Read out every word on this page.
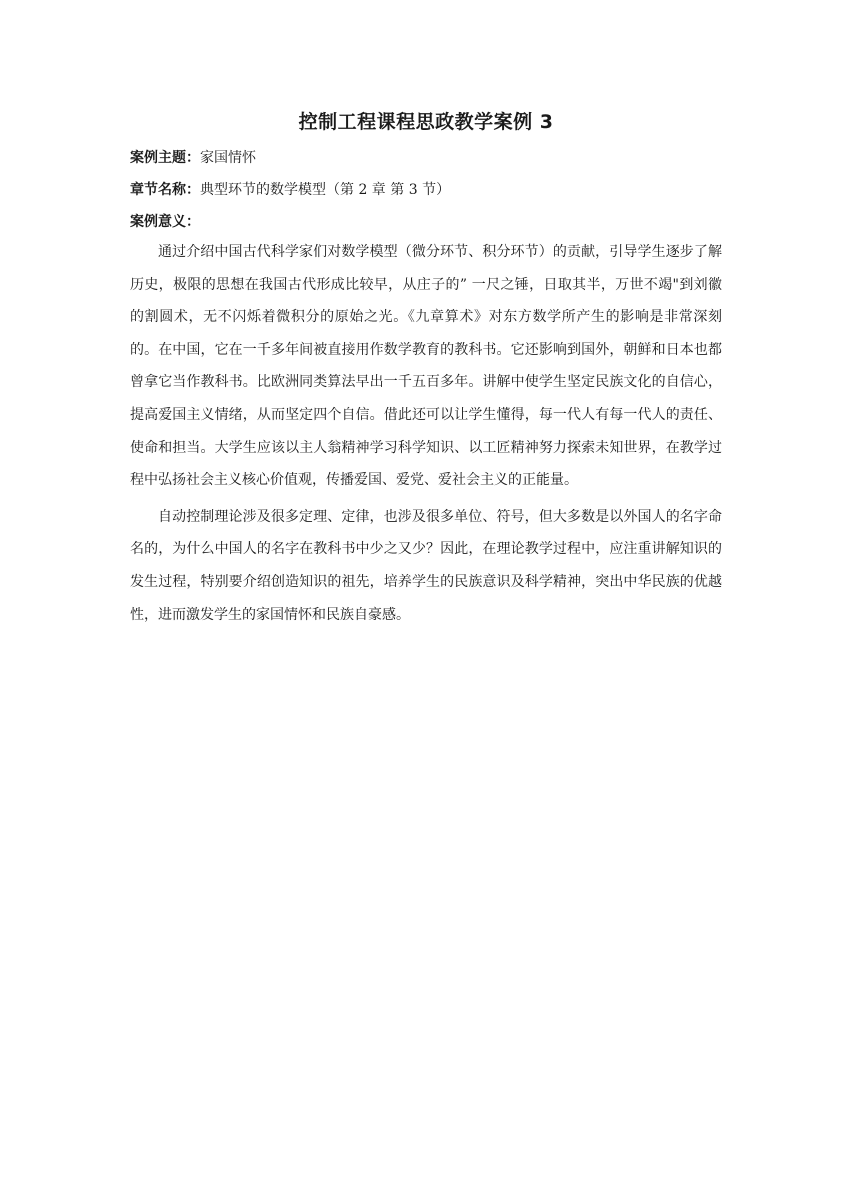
控制工程课程思政教学案例 3

案例主题：家国情怀

章节名称：典型环节的数学模型（第 2 章 第 3 节）

案例意义：

通过介绍中国古代科学家们对数学模型（微分环节、积分环节）的贡献，引导学生逐步了解历史，极限的思想在我国古代形成比较早，从庄子的” 一尺之锤，日取其半，万世不竭"到刘徽的割圆术，无不闪烁着微积分的原始之光。《九章算术》对东方数学所产生的影响是非常深刻的。在中国，它在一千多年间被直接用作数学教育的教科书。它还影响到国外，朝鲜和日本也都曾拿它当作教科书。比欧洲同类算法早出一千五百多年。讲解中使学生坚定民族文化的自信心，提高爱国主义情绪，从而坚定四个自信。借此还可以让学生懂得，每一代人有每一代人的责任、使命和担当。大学生应该以主人翁精神学习科学知识、以工匠精神努力探索未知世界，在教学过程中弘扬社会主义核心价值观，传播爱国、爱党、爱社会主义的正能量。

自动控制理论涉及很多定理、定律，也涉及很多单位、符号，但大多数是以外国人的名字命名的，为什么中国人的名字在教科书中少之又少？因此，在理论教学过程中，应注重讲解知识的发生过程，特别要介绍创造知识的祖先，培养学生的民族意识及科学精神，突出中华民族的优越性，进而激发学生的家国情怀和民族自豪感。
